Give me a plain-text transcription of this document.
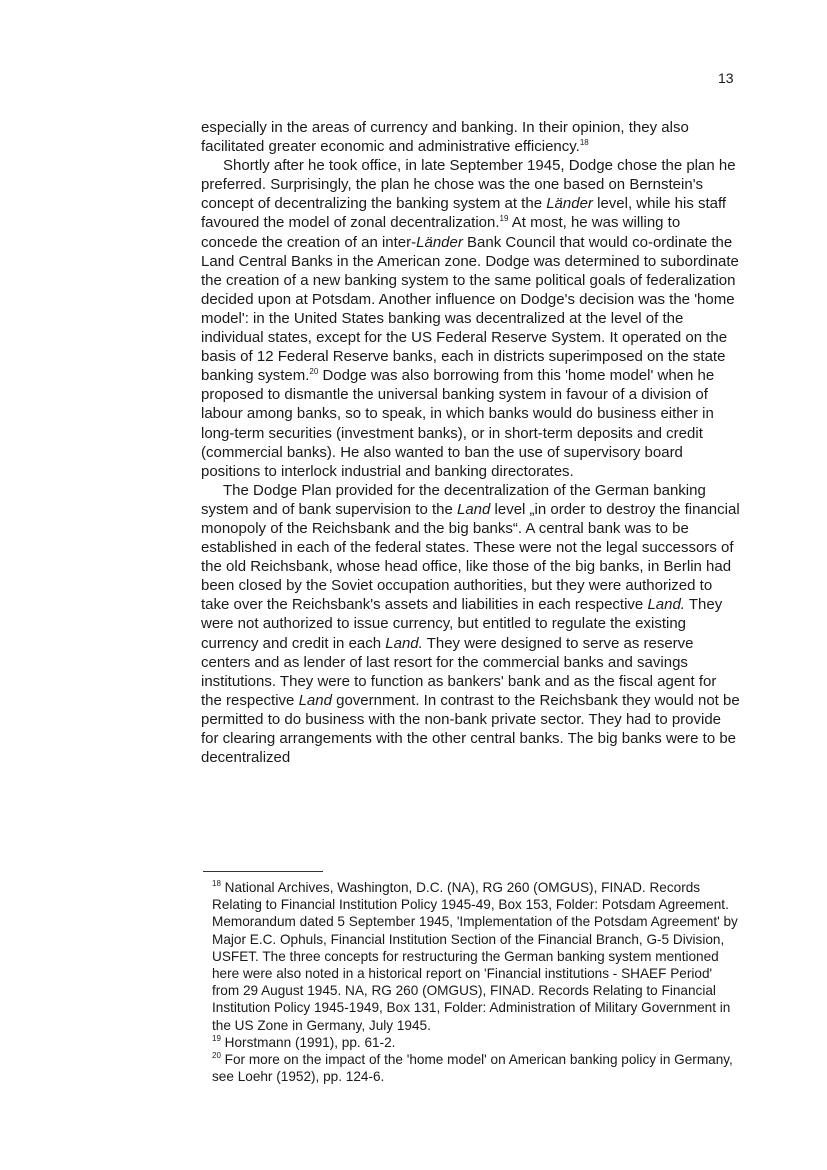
13

especially in the areas of currency and banking. In their opinion, they also facilitated greater economic and administrative efficiency.$^{18}$

Shortly after he took office, in late September 1945, Dodge chose the plan he preferred. Surprisingly, the plan he chose was the one based on Bernstein's concept of decentralizing the banking system at the Länder level, while his staff favoured the model of zonal decentralization.$^{19}$ At most, he was willing to concede the creation of an inter-Länder Bank Council that would co-ordinate the Land Central Banks in the American zone. Dodge was determined to subordinate the creation of a new banking system to the same political goals of federalization decided upon at Potsdam. Another influence on Dodge's decision was the 'home model': in the United States banking was decentralized at the level of the individual states, except for the US Federal Reserve System. It operated on the basis of 12 Federal Reserve banks, each in districts superimposed on the state banking system.$^{20}$ Dodge was also borrowing from this 'home model' when he proposed to dismantle the universal banking system in favour of a division of labour among banks, so to speak, in which banks would do business either in long-term securities (investment banks), or in short-term deposits and credit (commercial banks). He also wanted to ban the use of supervisory board positions to interlock industrial and banking directorates.

The Dodge Plan provided for the decentralization of the German banking system and of bank supervision to the Land level „in order to destroy the financial monopoly of the Reichsbank and the big banks“. A central bank was to be established in each of the federal states. These were not the legal successors of the old Reichsbank, whose head office, like those of the big banks, in Berlin had been closed by the Soviet occupation authorities, but they were authorized to take over the Reichsbank's assets and liabilities in each respective Land. They were not authorized to issue currency, but entitled to regulate the existing currency and credit in each Land. They were designed to serve as reserve centers and as lender of last resort for the commercial banks and savings institutions. They were to function as bankers' bank and as the fiscal agent for the respective Land government. In contrast to the Reichsbank they would not be permitted to do business with the non-bank private sector. They had to provide for clearing arrangements with the other central banks. The big banks were to be decentralized

$^{18}$ National Archives, Washington, D.C. (NA), RG 260 (OMGUS), FINAD. Records Relating to Financial Institution Policy 1945-49, Box 153, Folder: Potsdam Agreement. Memorandum dated 5 September 1945, 'Implementation of the Potsdam Agreement' by Major E.C. Ophuls, Financial Institution Section of the Financial Branch, G-5 Division, USFET. The three concepts for restructuring the German banking system mentioned here were also noted in a historical report on 'Financial institutions - SHAEF Period' from 29 August 1945. NA, RG 260 (OMGUS), FINAD. Records Relating to Financial Institution Policy 1945-1949, Box 131, Folder: Administration of Military Government in the US Zone in Germany, July 1945.

$^{19}$ Horstmann (1991), pp. 61-2.

$^{20}$ For more on the impact of the 'home model' on American banking policy in Germany, see Loehr (1952), pp. 124-6.
